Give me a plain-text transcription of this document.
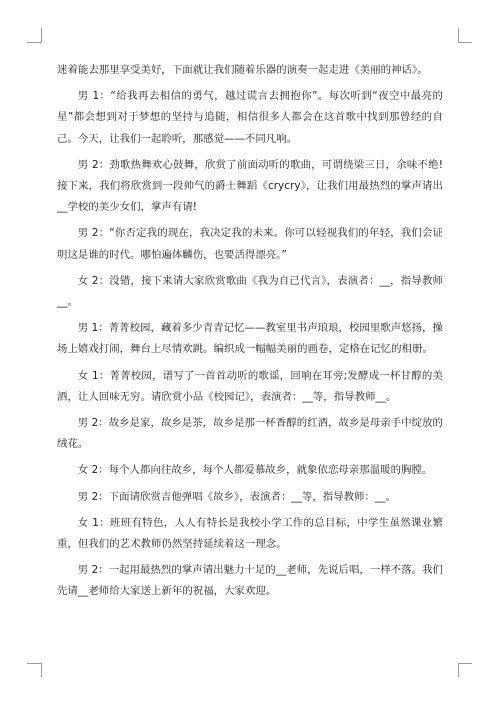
迷着能去那里享受美好，下面就让我们随着乐器的演奏一起走进《美丽的神话》。

男 1：“给我再去相信的勇气，越过谎言去拥抱你”。每次听到“夜空中最亮的星”都会想到对于梦想的坚持与追随，相信很多人都会在这首歌中找到那曾经的自己。今天，让我们一起聆听，那感觉——不同凡响。

男 2：劲歌热舞欢心鼓舞，欣赏了前面动听的歌曲，可谓绕梁三日，余味不绝!接下来，我们将欣赏到一段帅气的爵士舞蹈《crycry》，让我们用最热烈的掌声请出__学校的美少女们，掌声有请!

男 2：“你否定我的现在，我决定我的未来。你可以轻视我们的年轻，我们会证明这是谁的时代。哪怕遍体麟伤，也要活得漂亮。”

女 2：没错，接下来请大家欣赏歌曲《我为自己代言》，表演者：__，指导教师__。

男 1：菁菁校园，藏着多少青青记忆——教室里书声琅琅，校园里歌声悠扬，操场上嬉戏打闹，舞台上尽情欢跳。编织成一幅幅美丽的画卷，定格在记忆的相册。

女 1：菁菁校园，谱写了一首首动听的歌谣，回响在耳旁;发酵成一杯甘醇的美酒，让人回味无穷。请欣赏小品《校园记》，表演者：__等，指导教师__。

男 2：故乡是家，故乡是茶，故乡是那一杯香醇的红酒，故乡是母亲手中绽放的绒花。

女 2：每个人都向往故乡，每个人都爱慕故乡，就象依恋母亲那温暖的胸膛。

男 2：下面请欣赏吉他弹唱《故乡》，表演者：__等，指导教师：__。

女 1：班班有特色，人人有特长是我校小学工作的总目标，中学生虽然课业繁重，但我们的艺术教师仍然坚持延续着这一理念。

男 2：一起用最热烈的掌声请出魅力十足的__老师，先说后唱，一样不落。我们先请__老师给大家送上新年的祝福，大家欢迎。
